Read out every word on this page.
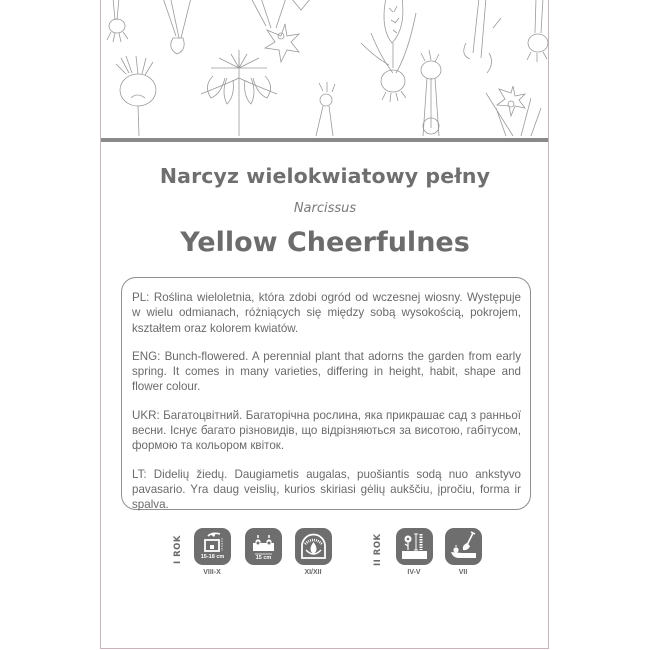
Narcyz wielokwiatowy pełny
Narcissus
Yellow Cheerfulnes

PL: Roślina wieloletnia, która zdobi ogród od wczesnej wiosny. Występuje w wielu odmianach, różniących się między sobą wysokością, pokrojem, kształtem oraz kolorem kwiatów.

ENG: Bunch-flowered. A perennial plant that adorns the garden from early spring. It comes in many varieties, differing in height, habit, shape and flower colour.

UKR: Багатоцвітний. Багаторічна рослина, яка прикрашає сад з ранньої весни. Існує багато різновидів, що відрізняються за висотою, габітусом, формою та кольором квіток.

LT: Didelių žiedų. Daugiametis augalas, puošiantis sodą nuo ankstyvo pavasario. Yra daug veislių, kurios skiriasi gėlių aukščiu, įpročiu, forma ir spalva.

I ROK	15-18 cm
VIII-X
15 cm
XI/XII
II ROK
IV-V	VII
